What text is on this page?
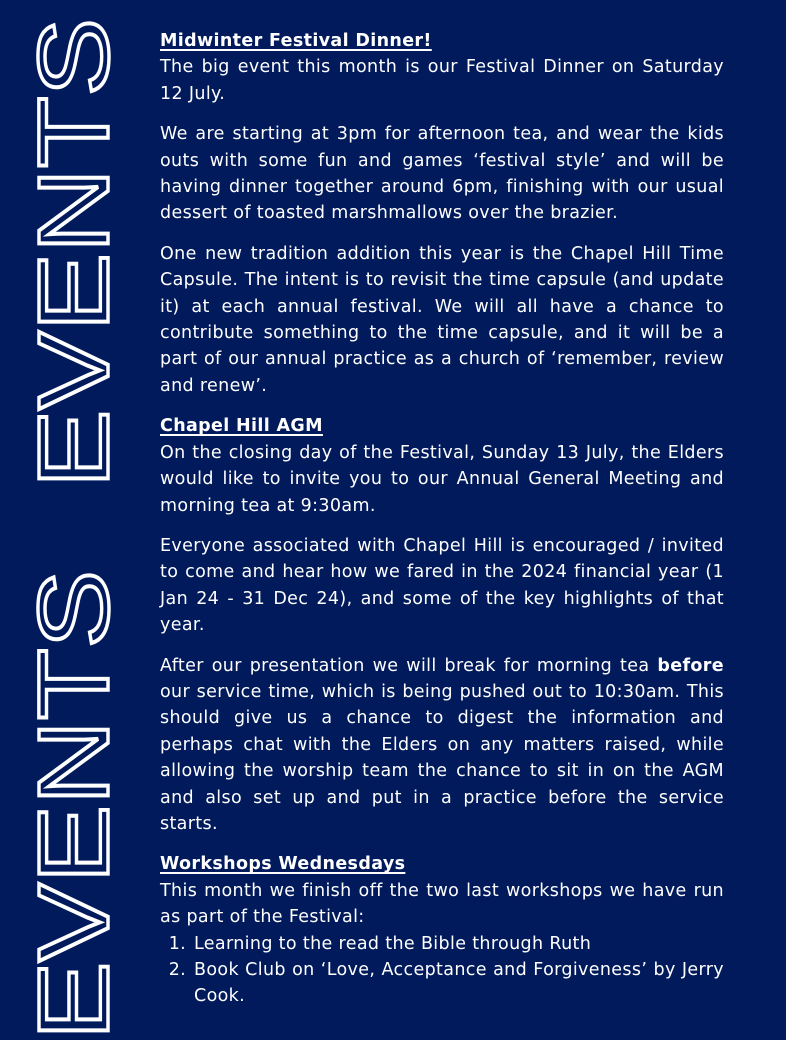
EVENTS
EVENTS
Midwinter Festival Dinner!

The big event this month is our Festival Dinner on Saturday 12 July.

We are starting at 3pm for afternoon tea, and wear the kids outs with some fun and games ‘festival style’ and will be having dinner together around 6pm, finishing with our usual dessert of toasted marshmallows over the brazier.

One new tradition addition this year is the Chapel Hill Time Capsule. The intent is to revisit the time capsule (and update it) at each annual festival. We will all have a chance to contribute something to the time capsule, and it will be a part of our annual practice as a church of ‘remember, review and renew’.

Chapel Hill AGM

On the closing day of the Festival, Sunday 13 July, the Elders would like to invite you to our Annual General Meeting and morning tea at 9:30am.

Everyone associated with Chapel Hill is encouraged / invited to come and hear how we fared in the 2024 financial year (1 Jan 24 - 31 Dec 24), and some of the key highlights of that year.

After our presentation we will break for morning tea before our service time, which is being pushed out to 10:30am. This should give us a chance to digest the information and perhaps chat with the Elders on any matters raised, while allowing the worship team the chance to sit in on the AGM and also set up and put in a practice before the service starts.

Workshops Wednesdays

This month we finish off the two last workshops we have run as part of the Festival:

1. Learning to the read the Bible through Ruth
2. Book Club on ‘Love, Acceptance and Forgiveness’ by Jerry Cook.
